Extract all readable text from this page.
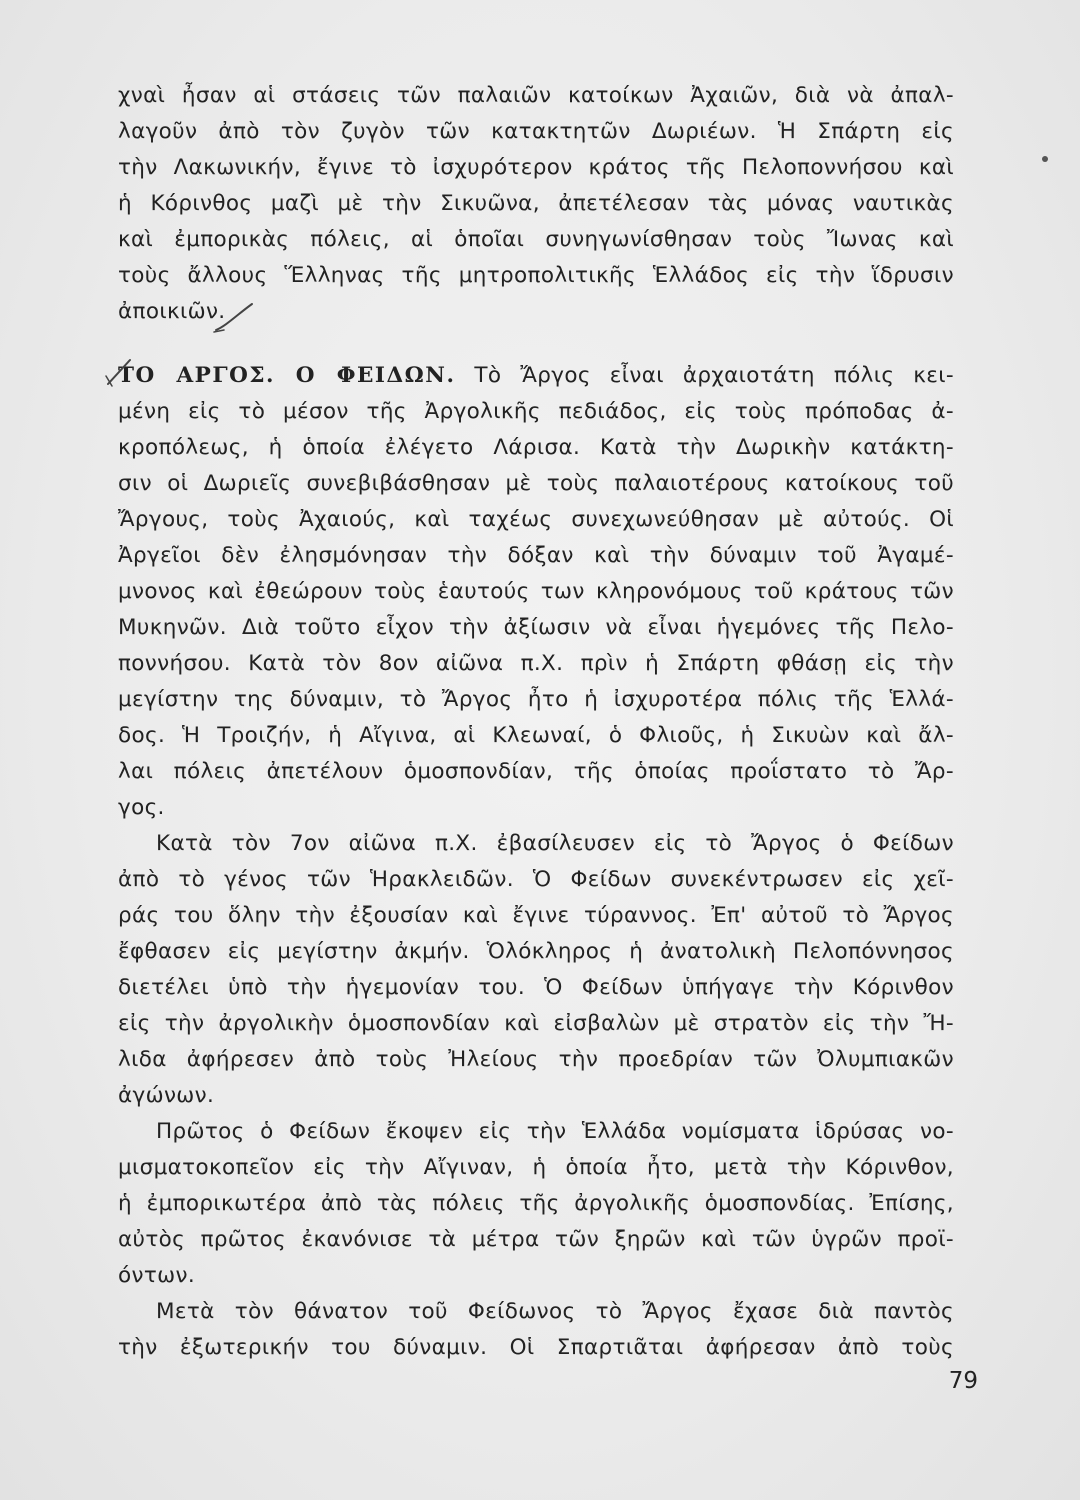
χναὶ ἦσαν αἱ στάσεις τῶν παλαιῶν κατοίκων Ἀχαιῶν, διὰ νὰ ἀπαλ-
λαγοῦν ἀπὸ τὸν ζυγὸν τῶν κατακτητῶν Δωριέων. Ἡ Σπάρτη εἰς
τὴν Λακωνικήν, ἔγινε τὸ ἰσχυρότερον κράτος τῆς Πελοποννήσου καὶ
ἡ Κόρινθος μαζὶ μὲ τὴν Σικυῶνα, ἀπετέλεσαν τὰς μόνας ναυτικὰς
καὶ ἐμπορικὰς πόλεις, αἱ ὁποῖαι συνηγωνίσθησαν τοὺς Ἴωνας καὶ
τοὺς ἄλλους Ἕλληνας τῆς μητροπολιτικῆς Ἑλλάδος εἰς τὴν ἵδρυσιν
ἀποικιῶν.
ΤΟ ΑΡΓΟΣ. Ο ΦΕΙΔΩΝ. Τὸ Ἄργος εἶναι ἀρχαιοτάτη πόλις κει-
μένη εἰς τὸ μέσον τῆς Ἀργολικῆς πεδιάδος, εἰς τοὺς πρόποδας ἀ-
κροπόλεως, ἡ ὁποία ἐλέγετο Λάρισα. Κατὰ τὴν Δωρικὴν κατάκτη-
σιν οἱ Δωριεῖς συνεβιβάσθησαν μὲ τοὺς παλαιοτέρους κατοίκους τοῦ
Ἄργους, τοὺς Ἀχαιούς, καὶ ταχέως συνεχωνεύθησαν μὲ αὐτούς. Οἱ
Ἀργεῖοι δὲν ἐλησμόνησαν τὴν δόξαν καὶ τὴν δύναμιν τοῦ Ἀγαμέ-
μνονος καὶ ἐθεώρουν τοὺς ἑαυτούς των κληρονόμους τοῦ κράτους τῶν
Μυκηνῶν. Διὰ τοῦτο εἶχον τὴν ἀξίωσιν νὰ εἶναι ἡγεμόνες τῆς Πελο-
ποννήσου. Κατὰ τὸν 8ον αἰῶνα π.Χ. πρὶν ἡ Σπάρτη φθάσῃ εἰς τὴν
μεγίστην της δύναμιν, τὸ Ἄργος ἦτο ἡ ἰσχυροτέρα πόλις τῆς Ἑλλά-
δος. Ἡ Τροιζήν, ἡ Αἴγινα, αἱ Κλεωναί, ὁ Φλιοῦς, ἡ Σικυὼν καὶ ἄλ-
λαι πόλεις ἀπετέλουν ὁμοσπονδίαν, τῆς ὁποίας προΐστατο τὸ Ἄρ-
γος.
Κατὰ τὸν 7ον αἰῶνα π.Χ. ἐβασίλευσεν εἰς τὸ Ἄργος ὁ Φείδων
ἀπὸ τὸ γένος τῶν Ἡρακλειδῶν. Ὁ Φείδων συνεκέντρωσεν εἰς χεῖ-
ράς του ὅλην τὴν ἐξουσίαν καὶ ἔγινε τύραννος. Ἐπ' αὐτοῦ τὸ Ἄργος
ἔφθασεν εἰς μεγίστην ἀκμήν. Ὁλόκληρος ἡ ἀνατολικὴ Πελοπόννησος
διετέλει ὑπὸ τὴν ἡγεμονίαν του. Ὁ Φείδων ὑπήγαγε τὴν Κόρινθον
εἰς τὴν ἀργολικὴν ὁμοσπονδίαν καὶ εἰσβαλὼν μὲ στρατὸν εἰς τὴν Ἤ-
λιδα ἀφήρεσεν ἀπὸ τοὺς Ἠλείους τὴν προεδρίαν τῶν Ὀλυμπιακῶν
ἀγώνων.
Πρῶτος ὁ Φείδων ἔκοψεν εἰς τὴν Ἑλλάδα νομίσματα ἱδρύσας νο-
μισματοκοπεῖον εἰς τὴν Αἴγιναν, ἡ ὁποία ἦτο, μετὰ τὴν Κόρινθον,
ἡ ἐμπορικωτέρα ἀπὸ τὰς πόλεις τῆς ἀργολικῆς ὁμοσπονδίας. Ἐπίσης,
αὐτὸς πρῶτος ἐκανόνισε τὰ μέτρα τῶν ξηρῶν καὶ τῶν ὑγρῶν προϊ-
όντων.
Μετὰ τὸν θάνατον τοῦ Φείδωνος τὸ Ἄργος ἔχασε διὰ παντὸς
τὴν ἐξωτερικήν του δύναμιν. Οἱ Σπαρτιᾶται ἀφήρεσαν ἀπὸ τοὺς
79
